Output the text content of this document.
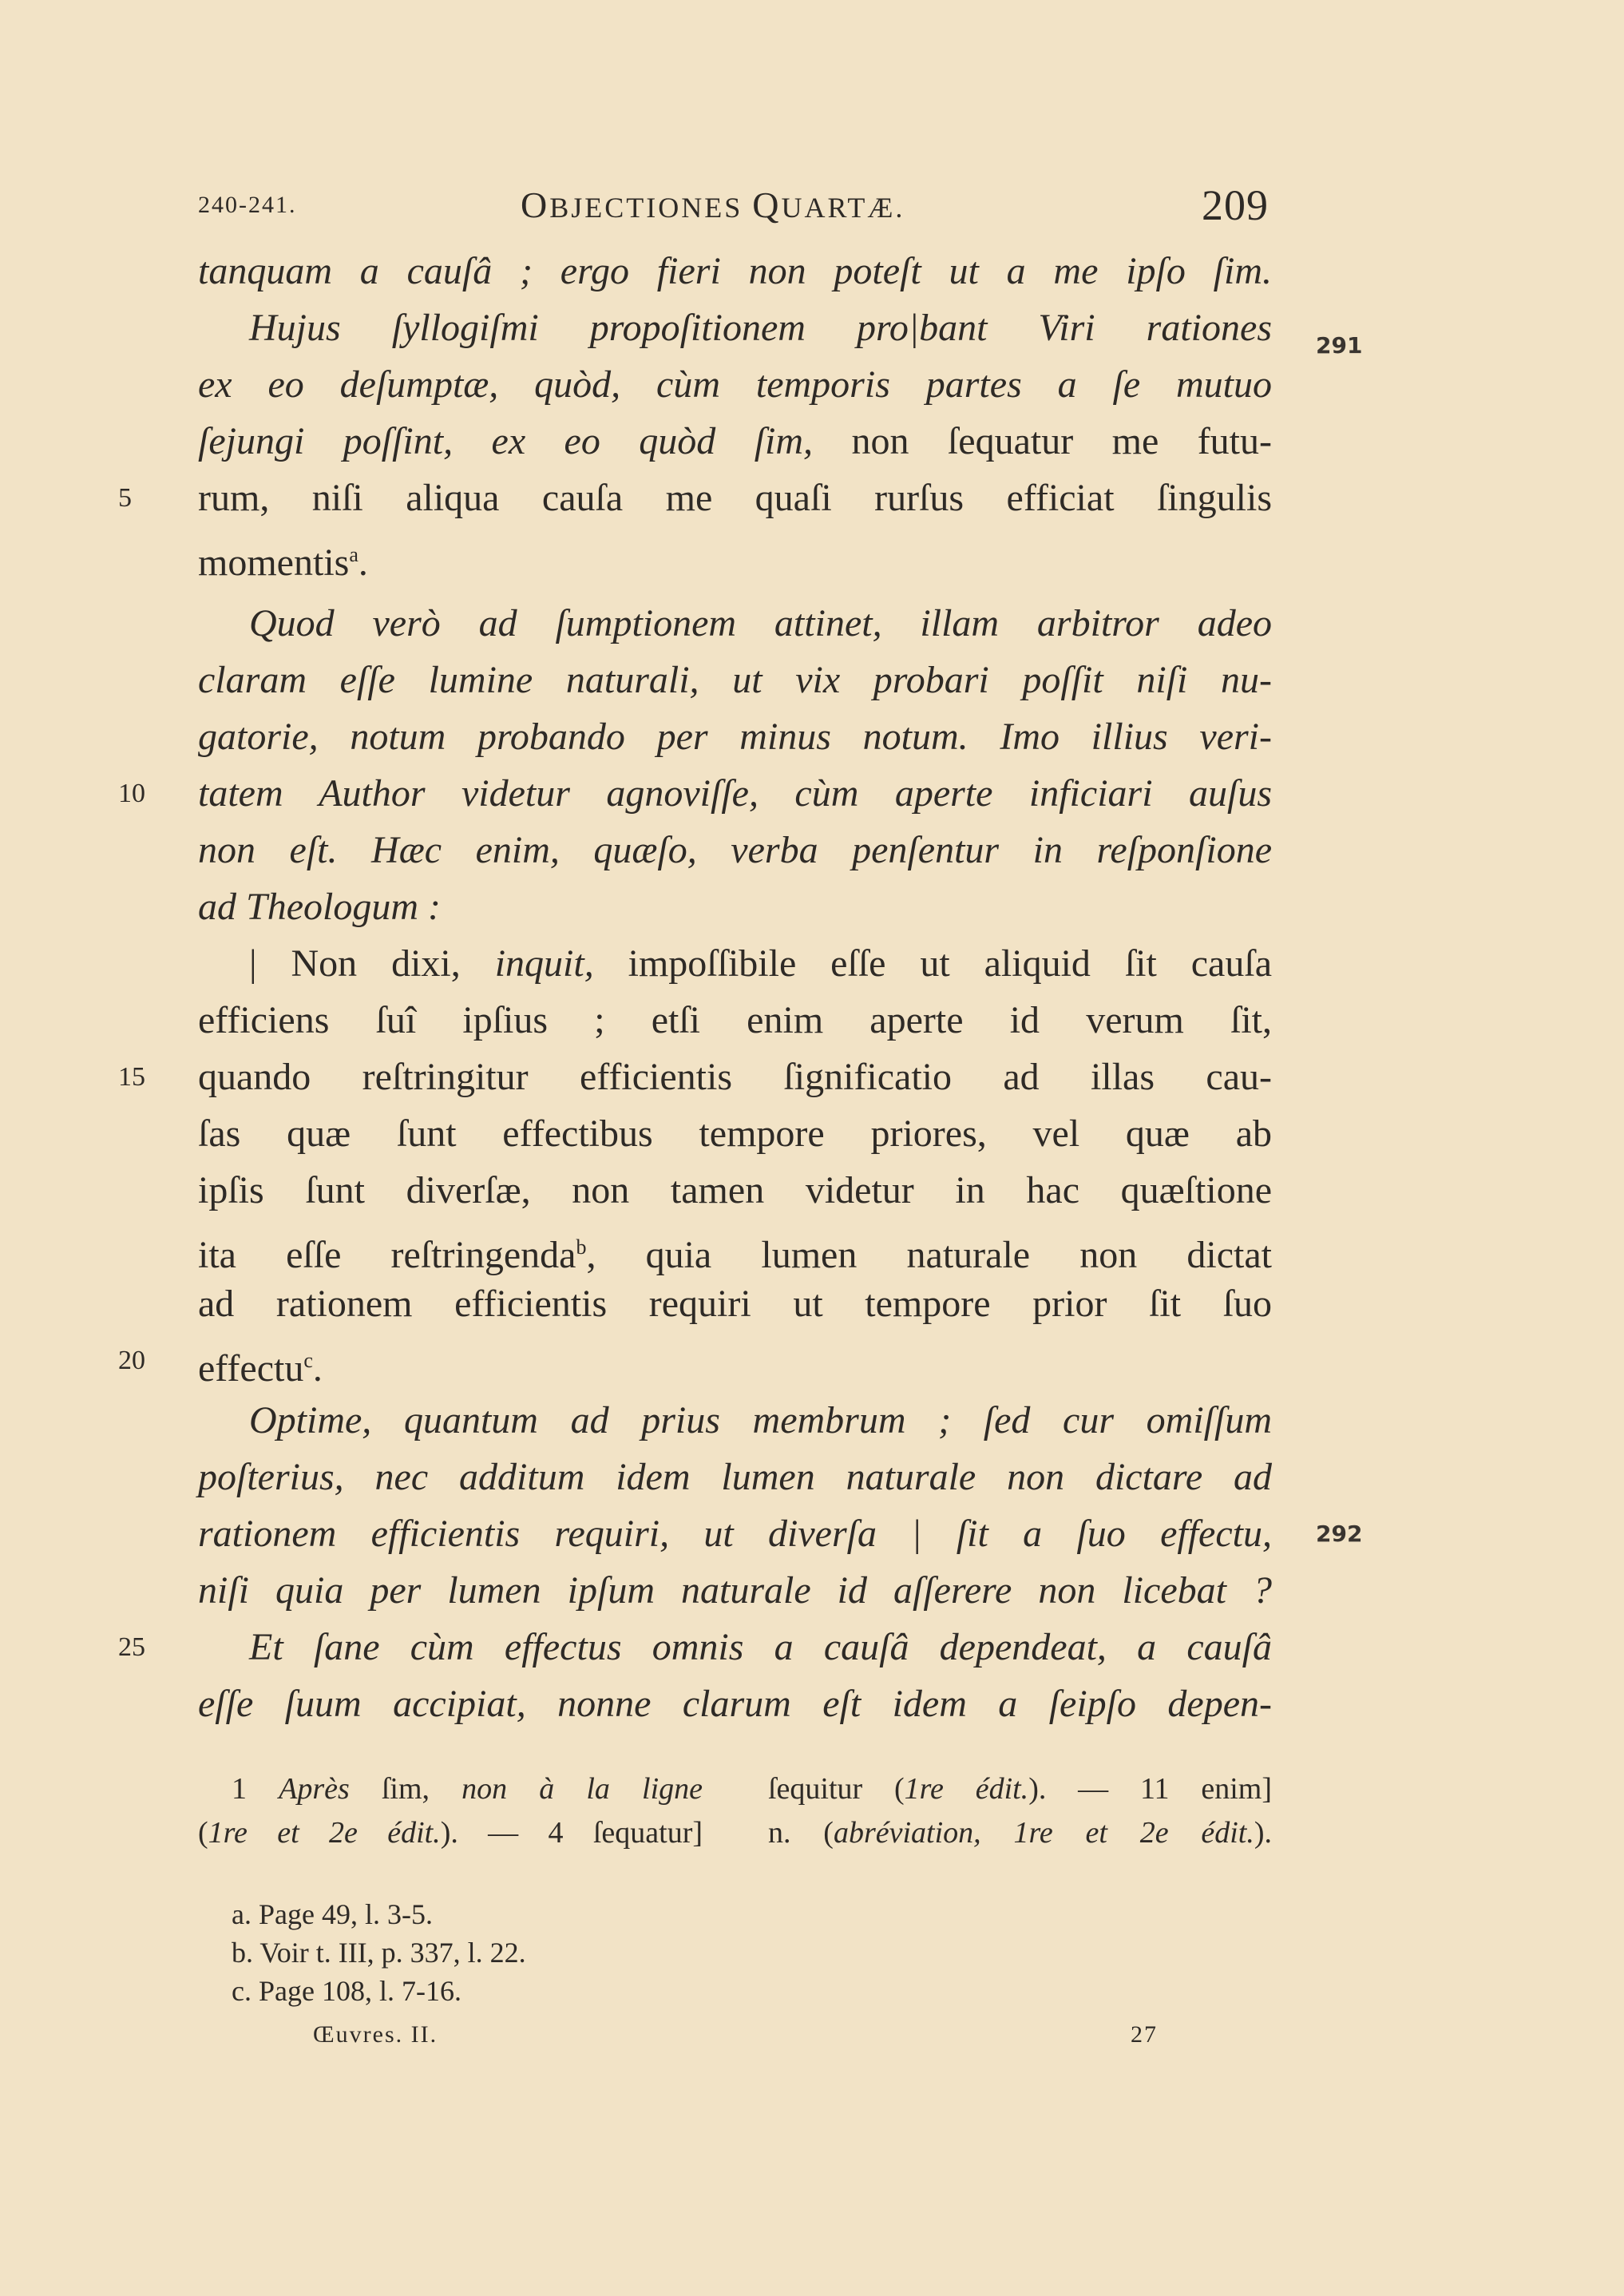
240-241.	OBJECTIONES QUARTÆ.	209
tanquam a cauſâ ; ergo fieri non poteſt ut a me ipſo ſim.
Hujus ſyllogiſmi propoſitionem pro|bant Viri rationes
ex eo deſumptæ, quòd, cùm temporis partes a ſe mutuo
ſejungi poſſint, ex eo quòd ſim, non ſequatur me futu-
rum, niſi aliqua cauſa me quaſi rurſus efficiat ſingulis
momentis$^a$.
Quod verò ad ſumptionem attinet, illam arbitror adeo
claram eſſe lumine naturali, ut vix probari poſſit niſi nu-
gatorie, notum probando per minus notum. Imo illius veri-
tatem Author videtur agnoviſſe, cùm aperte inficiari auſus
non eſt. Hæc enim, quæſo, verba penſentur in reſponſione
ad Theologum :
| Non dixi, inquit, impoſſibile eſſe ut aliquid ſit cauſa
efficiens ſuî ipſius ; etſi enim aperte id verum ſit,
quando reſtringitur efficientis ſignificatio ad illas cau-
ſas quæ ſunt effectibus tempore priores, vel quæ ab
ipſis ſunt diverſæ, non tamen videtur in hac quæſtione
ita eſſe reſtringenda$^b$, quia lumen naturale non dictat
ad rationem efficientis requiri ut tempore prior ſit ſuo
effectu$^c$.
Optime, quantum ad prius membrum ; ſed cur omiſſum
poſterius, nec additum idem lumen naturale non dictare ad
rationem efficientis requiri, ut diverſa | ſit a ſuo effectu,
niſi quia per lumen ipſum naturale id aſſerere non licebat ?
Et ſane cùm effectus omnis a cauſâ dependeat, a cauſâ
eſſe ſuum accipiat, nonne clarum eſt idem a ſeipſo depen-
5
10
15
20
25
291
292
1 Après ſim, non à la ligne
(1re et 2e édit.). — 4 ſequatur]
ſequitur (1re édit.). — 11 enim]
n. (abréviation, 1re et 2e édit.).
a. Page 49, l. 3-5.
b. Voir t. III, p. 337, l. 22.
c. Page 108, l. 7-16.
Œuvres. II.	27
